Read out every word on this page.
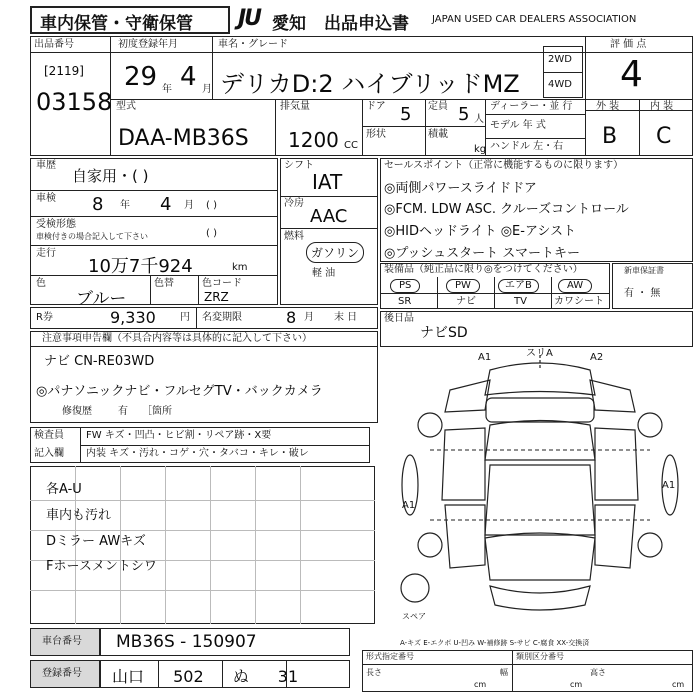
車内保管・守衛保管 JU 愛知 出品申込書 JAPAN USED CAR DEALERS ASSOCIATION
出品番号
[2119]
03158
初度登録年月
29 年 4 月
車名・グレード
デリカD:2 ハイブリッドMZ
2WD
4WD
評 価 点
4
外 装	内 装
B C
型式
DAA-MB36S
排気量
1200 CC
ドア 5 定員 5 人
形状	積載
kg
ディーラー・並 行
モデル 年 式
ハンドル 左・右
車歴
自家用・( )
車検 8 年 4 月 ( )
受検形態
車検付きの場合記入して下さい	( )
走行
10万7千924	km
色
ブルー
色替	色コード
ZRZ
シフト
IAT
冷房
AAC
燃料
ガソリン
軽 油
セールスポイント（正常に機能するものに限ります）
◎両側パワースライドドア
◎FCM. LDW ASC. クルーズコントロール
◎HIDヘッドライト ◎E-アシスト
◎プッシュスタート スマートキー
装備品（純正品に限り◎をつけてください）
PS	PW	エアB	AW
SR	ナビ	TV	カワシート
新車保証書
有 ・ 無
R券	9,330 円 名変期限	8 月 末 日
注意事項申告欄（不具合内容等は具体的に記入して下さい）
ナビ CN-RE03WD
◎パナソニックナビ・フルセグTV・バックカメラ
修復歴	有 ［箇所
後日品
ナビSD
検査員
記入欄
FW キズ・凹凸・ヒビ割・リペア跡・X要
内装 キズ・汚れ・コゲ・穴・タバコ・キレ・破レ
各A-U
車内も汚れ
Dミラー AWキズ
Fホースメントシワ
A1	スリA	A2
A1
A1
スペア
A-キズ E-エクボ U-凹み W-補修跡 S-サビ C-腐食 XX-交換済
車台番号 MB36S - 150907
登録番号 山口 502 ぬ 31
形式指定番号	類別区分番号
長さ	幅	高さ
cm	cm	cm
